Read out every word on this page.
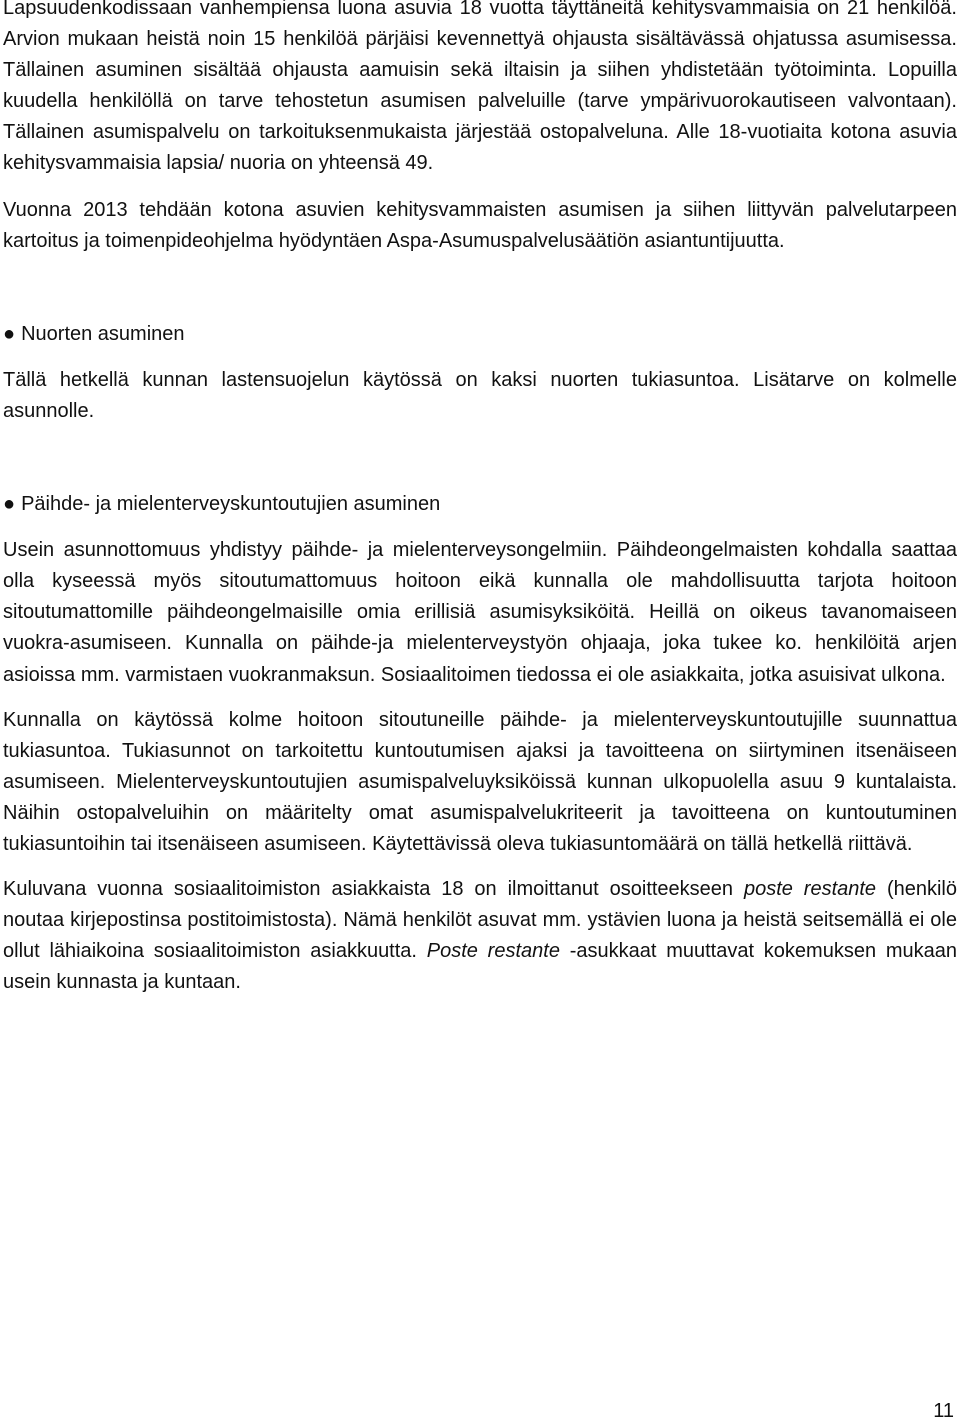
Lapsuudenkodissaan vanhempiensa luona asuvia 18 vuotta täyttäneitä kehitysvammaisia on 21 henkilöä. Arvion mukaan heistä noin 15 henkilöä pärjäisi kevennettyä ohjausta sisältävässä ohjatussa asumisessa. Tällainen asuminen sisältää ohjausta aamuisin sekä iltaisin ja siihen yhdistetään työtoiminta. Lopuilla kuudella henkilöllä on tarve tehostetun asumisen palveluille (tarve ympärivuorokautiseen valvontaan). Tällainen asumispalvelu on tarkoituksenmukaista järjestää ostopalveluna. Alle 18-vuotiaita kotona asuvia kehitysvammaisia lapsia/ nuoria on yhteensä 49.

Vuonna 2013 tehdään kotona asuvien kehitysvammaisten asumisen ja siihen liittyvän palvelutarpeen kartoitus ja toimenpideohjelma hyödyntäen Aspa-Asumuspalvelusäätiön asiantuntijuutta.

● Nuorten asuminen

Tällä hetkellä kunnan lastensuojelun käytössä on kaksi nuorten tukiasuntoa. Lisätarve on kolmelle asunnolle.

● Päihde- ja mielenterveyskuntoutujien asuminen

Usein asunnottomuus yhdistyy päihde- ja mielenterveysongelmiin. Päihdeongelmaisten kohdalla saattaa olla kyseessä myös sitoutumattomuus hoitoon eikä kunnalla ole mahdollisuutta tarjota hoitoon sitoutumattomille päihdeongelmaisille omia erillisiä asumisyksiköitä. Heillä on oikeus tavanomaiseen vuokra-asumiseen. Kunnalla on päihde-ja mielenterveystyön ohjaaja, joka tukee ko. henkilöitä arjen asioissa mm. varmistaen vuokranmaksun. Sosiaalitoimen tiedossa ei ole asiakkaita, jotka asuisivat ulkona.

Kunnalla on käytössä kolme hoitoon sitoutuneille päihde- ja mielenterveyskuntoutujille suunnattua tukiasuntoa. Tukiasunnot on tarkoitettu kuntoutumisen ajaksi ja tavoitteena on siirtyminen itsenäiseen asumiseen. Mielenterveyskuntoutujien asumispalveluyksiköissä kunnan ulkopuolella asuu 9 kuntalaista. Näihin ostopalveluihin on määritelty omat asumispalvelukriteerit ja tavoitteena on kuntoutuminen tukiasuntoihin tai itsenäiseen asumiseen. Käytettävissä oleva tukiasuntomäärä on tällä hetkellä riittävä.

Kuluvana vuonna sosiaalitoimiston asiakkaista 18 on ilmoittanut osoitteekseen poste restante (henkilö noutaa kirjepostinsa postitoimistosta). Nämä henkilöt asuvat mm. ystävien luona ja heistä seitsemällä ei ole ollut lähiaikoina sosiaalitoimiston asiakkuutta. Poste restante -asukkaat muuttavat kokemuksen mukaan usein kunnasta ja kuntaan.

11
